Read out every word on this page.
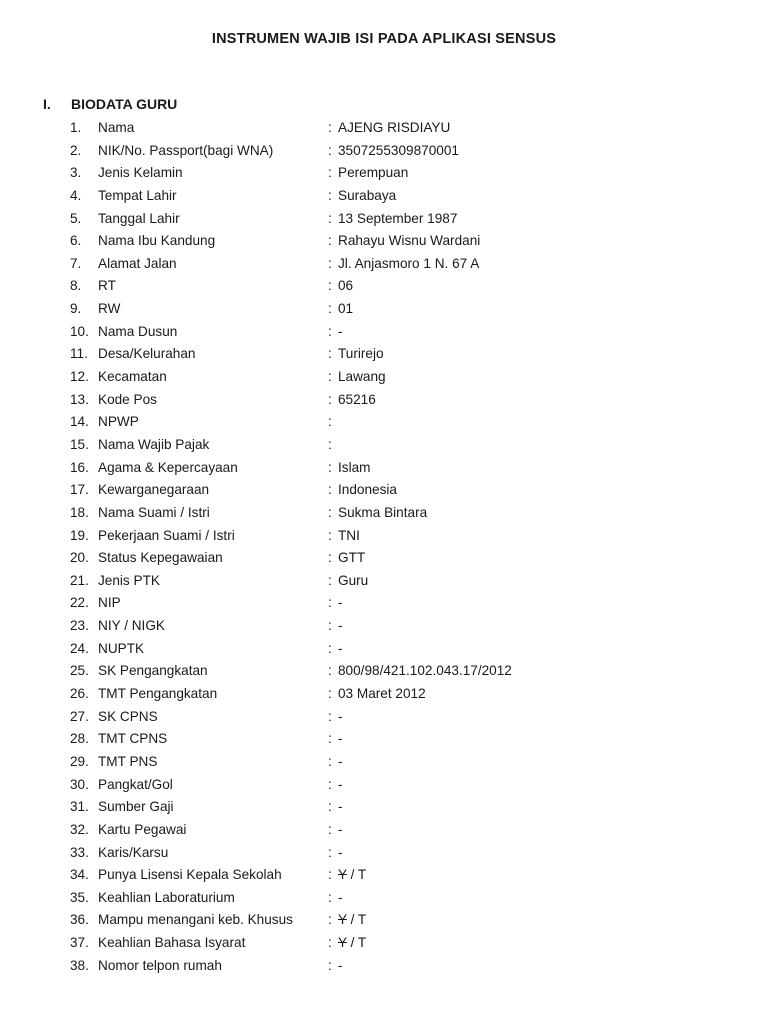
INSTRUMEN WAJIB ISI PADA APLIKASI SENSUS
I. BIODATA GURU
1. Nama	: AJENG RISDIAYU
2. NIK/No. Passport(bagi WNA)	: 3507255309870001
3. Jenis Kelamin	: Perempuan
4. Tempat Lahir	: Surabaya
5. Tanggal Lahir	: 13 September 1987
6. Nama Ibu Kandung	: Rahayu Wisnu Wardani
7. Alamat Jalan	: Jl. Anjasmoro 1 N. 67 A
8. RT	: 06
9. RW	: 01
10. Nama Dusun	: -
11. Desa/Kelurahan	: Turirejo
12. Kecamatan	: Lawang
13. Kode Pos	: 65216
14. NPWP	:
15. Nama Wajib Pajak	:
16. Agama & Kepercayaan	: Islam
17. Kewarganegaraan	: Indonesia
18. Nama Suami / Istri	: Sukma Bintara
19. Pekerjaan Suami / Istri	: TNI
20. Status Kepegawaian	: GTT
21. Jenis PTK	: Guru
22. NIP	: -
23. NIY / NIGK	: -
24. NUPTK	: -
25. SK Pengangkatan	: 800/98/421.102.043.17/2012
26. TMT Pengangkatan	: 03 Maret 2012
27. SK CPNS	: -
28. TMT CPNS	: -
29. TMT PNS	: -
30. Pangkat/Gol	: -
31. Sumber Gaji	: -
32. Kartu Pegawai	: -
33. Karis/Karsu	: -
34. Punya Lisensi Kepala Sekolah	: Y / T
35. Keahlian Laboraturium	: -
36. Mampu menangani keb. Khusus	: Y / T
37. Keahlian Bahasa Isyarat	: Y / T
38. Nomor telpon rumah	: -
